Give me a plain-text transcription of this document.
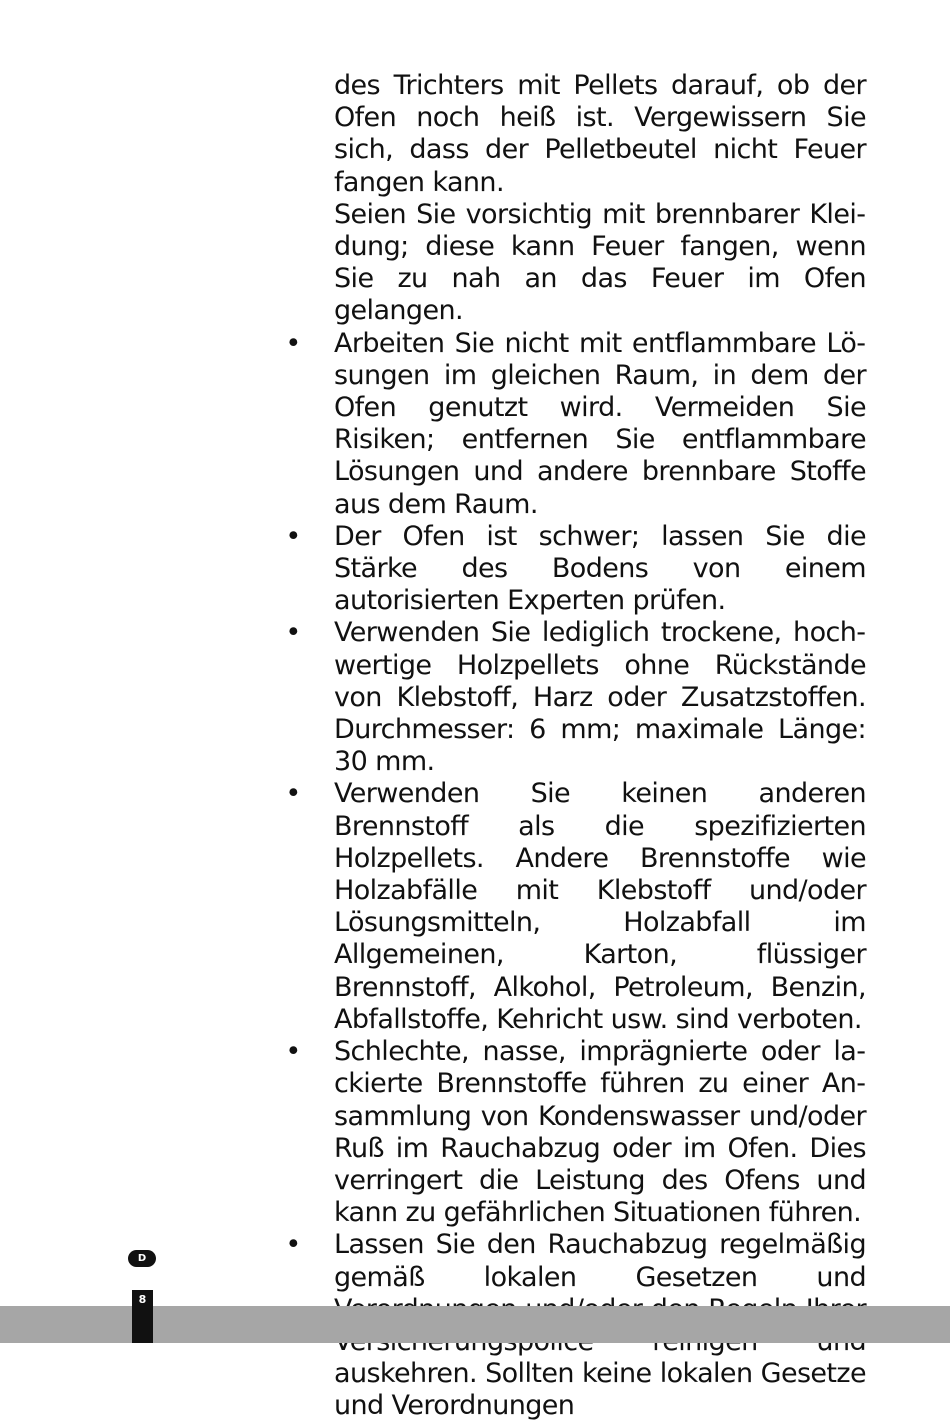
des Trichters mit Pellets darauf, ob der Ofen noch heiß ist. Vergewissern Sie sich, dass der Pelletbeutel nicht Feuer fangen kann.

Seien Sie vorsichtig mit brennbarer Kleidung; diese kann Feuer fangen, wenn Sie zu nah an das Feuer im Ofen gelangen.

• Arbeiten Sie nicht mit entflammbare Lösungen im gleichen Raum, in dem der Ofen genutzt wird. Vermeiden Sie Risiken; entfernen Sie entflammbare Lösungen und andere brennbare Stoffe aus dem Raum.
• Der Ofen ist schwer; lassen Sie die Stärke des Bodens von einem autorisierten Experten prüfen.
• Verwenden Sie lediglich trockene, hochwertige Holzpellets ohne Rückstände von Klebstoff, Harz oder Zusatzstoffen. Durchmesser: 6 mm; maximale Länge: 30 mm.
• Verwenden Sie keinen anderen Brennstoff als die spezifizierten Holzpellets. Andere Brennstoffe wie Holzabfälle mit Klebstoff und/oder Lösungsmitteln, Holzabfall im Allgemeinen, Karton, flüssiger Brennstoff, Alkohol, Petroleum, Benzin, Abfallstoffe, Kehricht usw. sind verboten.
• Schlechte, nasse, imprägnierte oder lackierte Brennstoffe führen zu einer Ansammlung von Kondenswasser und/oder Ruß im Rauchabzug oder im Ofen. Dies verringert die Leistung des Ofens und kann zu gefährlichen Situationen führen.
• Lassen Sie den Rauchabzug regelmäßig gemäß lokalen Gesetzen und auskehren. Sollten keine lokalen Gesetze und Verordnungen
D
8
